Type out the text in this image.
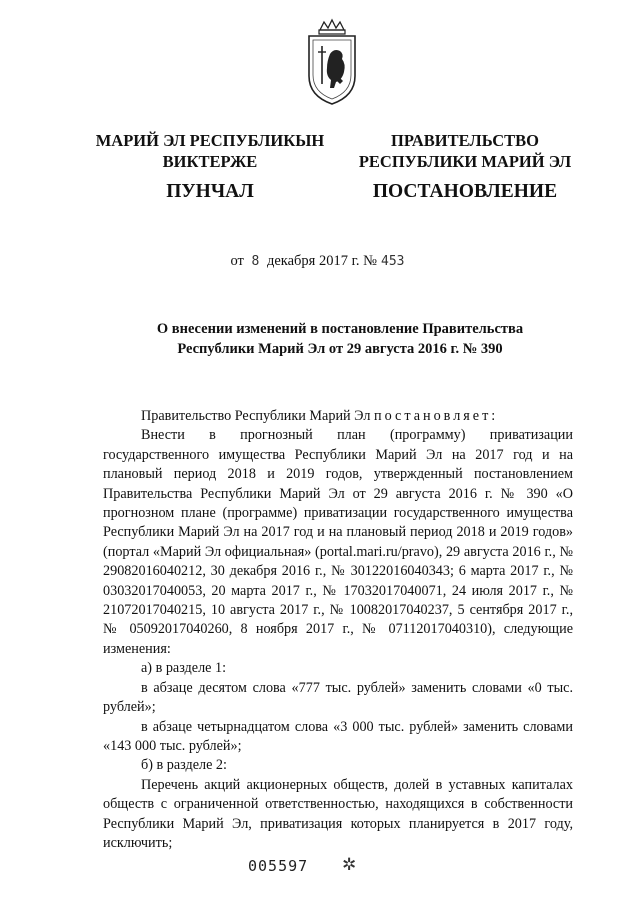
МАРИЙ ЭЛ РЕСПУБЛИКЫН
ВИКТЕРЖЕ
ПУНЧАЛ
ПРАВИТЕЛЬСТВО
РЕСПУБЛИКИ МАРИЙ ЭЛ
ПОСТАНОВЛЕНИЕ
от 8 декабря 2017 г. № 453
О внесении изменений в постановление Правительства
Республики Марий Эл от 29 августа 2016 г. № 390

Правительство Республики Марий Эл постановляет:

Внести в прогнозный план (программу) приватизации государственного имущества Республики Марий Эл на 2017 год и на плановый период 2018 и 2019 годов, утвержденный постановлением Правительства Республики Марий Эл от 29 августа 2016 г. № 390 «О прогнозном плане (программе) приватизации государственного имущества Республики Марий Эл на 2017 год и на плановый период 2018 и 2019 годов» (портал «Марий Эл официальная» (portal.mari.ru/pravo), 29 августа 2016 г., № 29082016040212, 30 декабря 2016 г., № 30122016040343; 6 марта 2017 г., № 03032017040053, 20 марта 2017 г., № 17032017040071, 24 июля 2017 г., № 21072017040215, 10 августа 2017 г., № 10082017040237, 5 сентября 2017 г., № 05092017040260, 8 ноября 2017 г., № 07112017040310), следующие изменения:

а) в разделе 1:

в абзаце десятом слова «777 тыс. рублей» заменить словами «0 тыс. рублей»;

в абзаце четырнадцатом слова «3 000 тыс. рублей» заменить словами «143 000 тыс. рублей»;

б) в разделе 2:

Перечень акций акционерных обществ, долей в уставных капиталах обществ с ограниченной ответственностью, находящихся в собственности Республики Марий Эл, приватизация которых планируется в 2017 году, исключить;

005597 ✲
